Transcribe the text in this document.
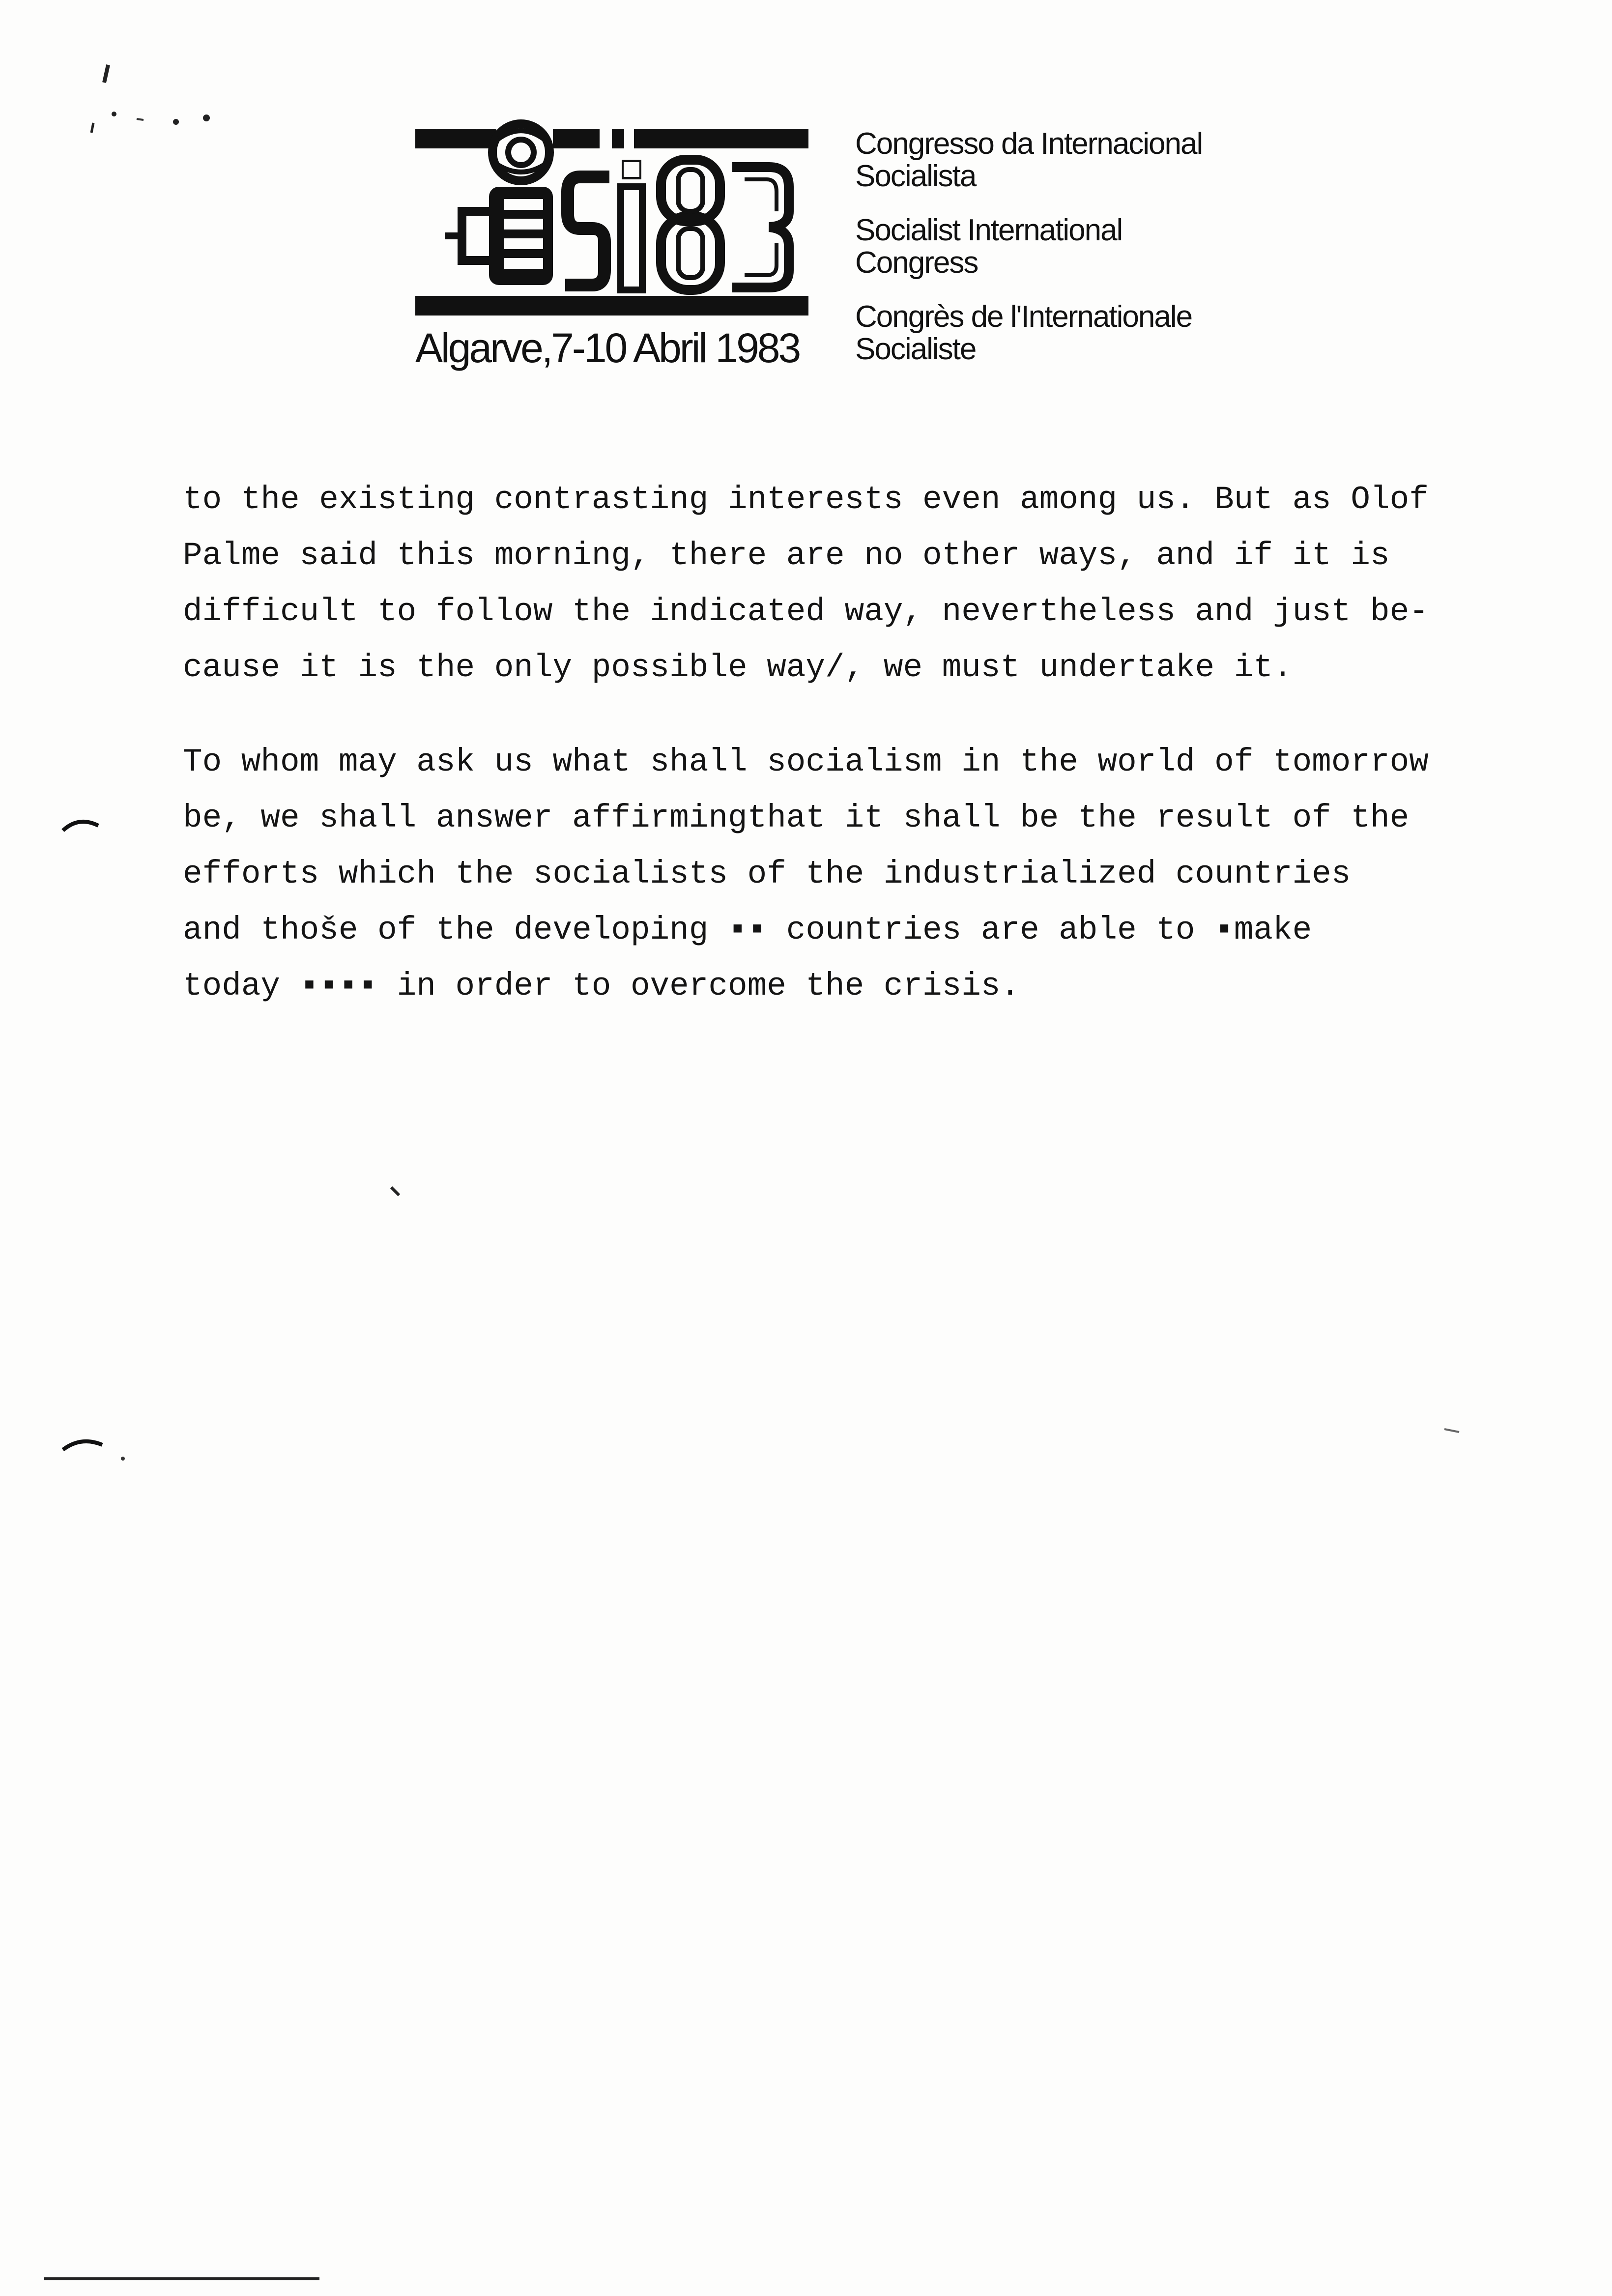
Algarve,7-10 Abril 1983
Congresso da Internacional
Socialista
Socialist International
Congress
Congrès de l'Internationale
Socialiste
to the existing contrasting interests even among us. But as Olof
Palme said this morning, there are no other ways, and if it is
difficult to follow the indicated way, nevertheless and just be-
cause it is the only possible way/, we must undertake it.
To whom may ask us what shall socialism in the world of tomorrow
be, we shall answer affirmingthat it shall be the result of the
efforts which the socialists of the industrialized countries
and thoše of the developing ▪▪ countries are able to ▪make
today ▪▪▪▪ in order to overcome the crisis.
